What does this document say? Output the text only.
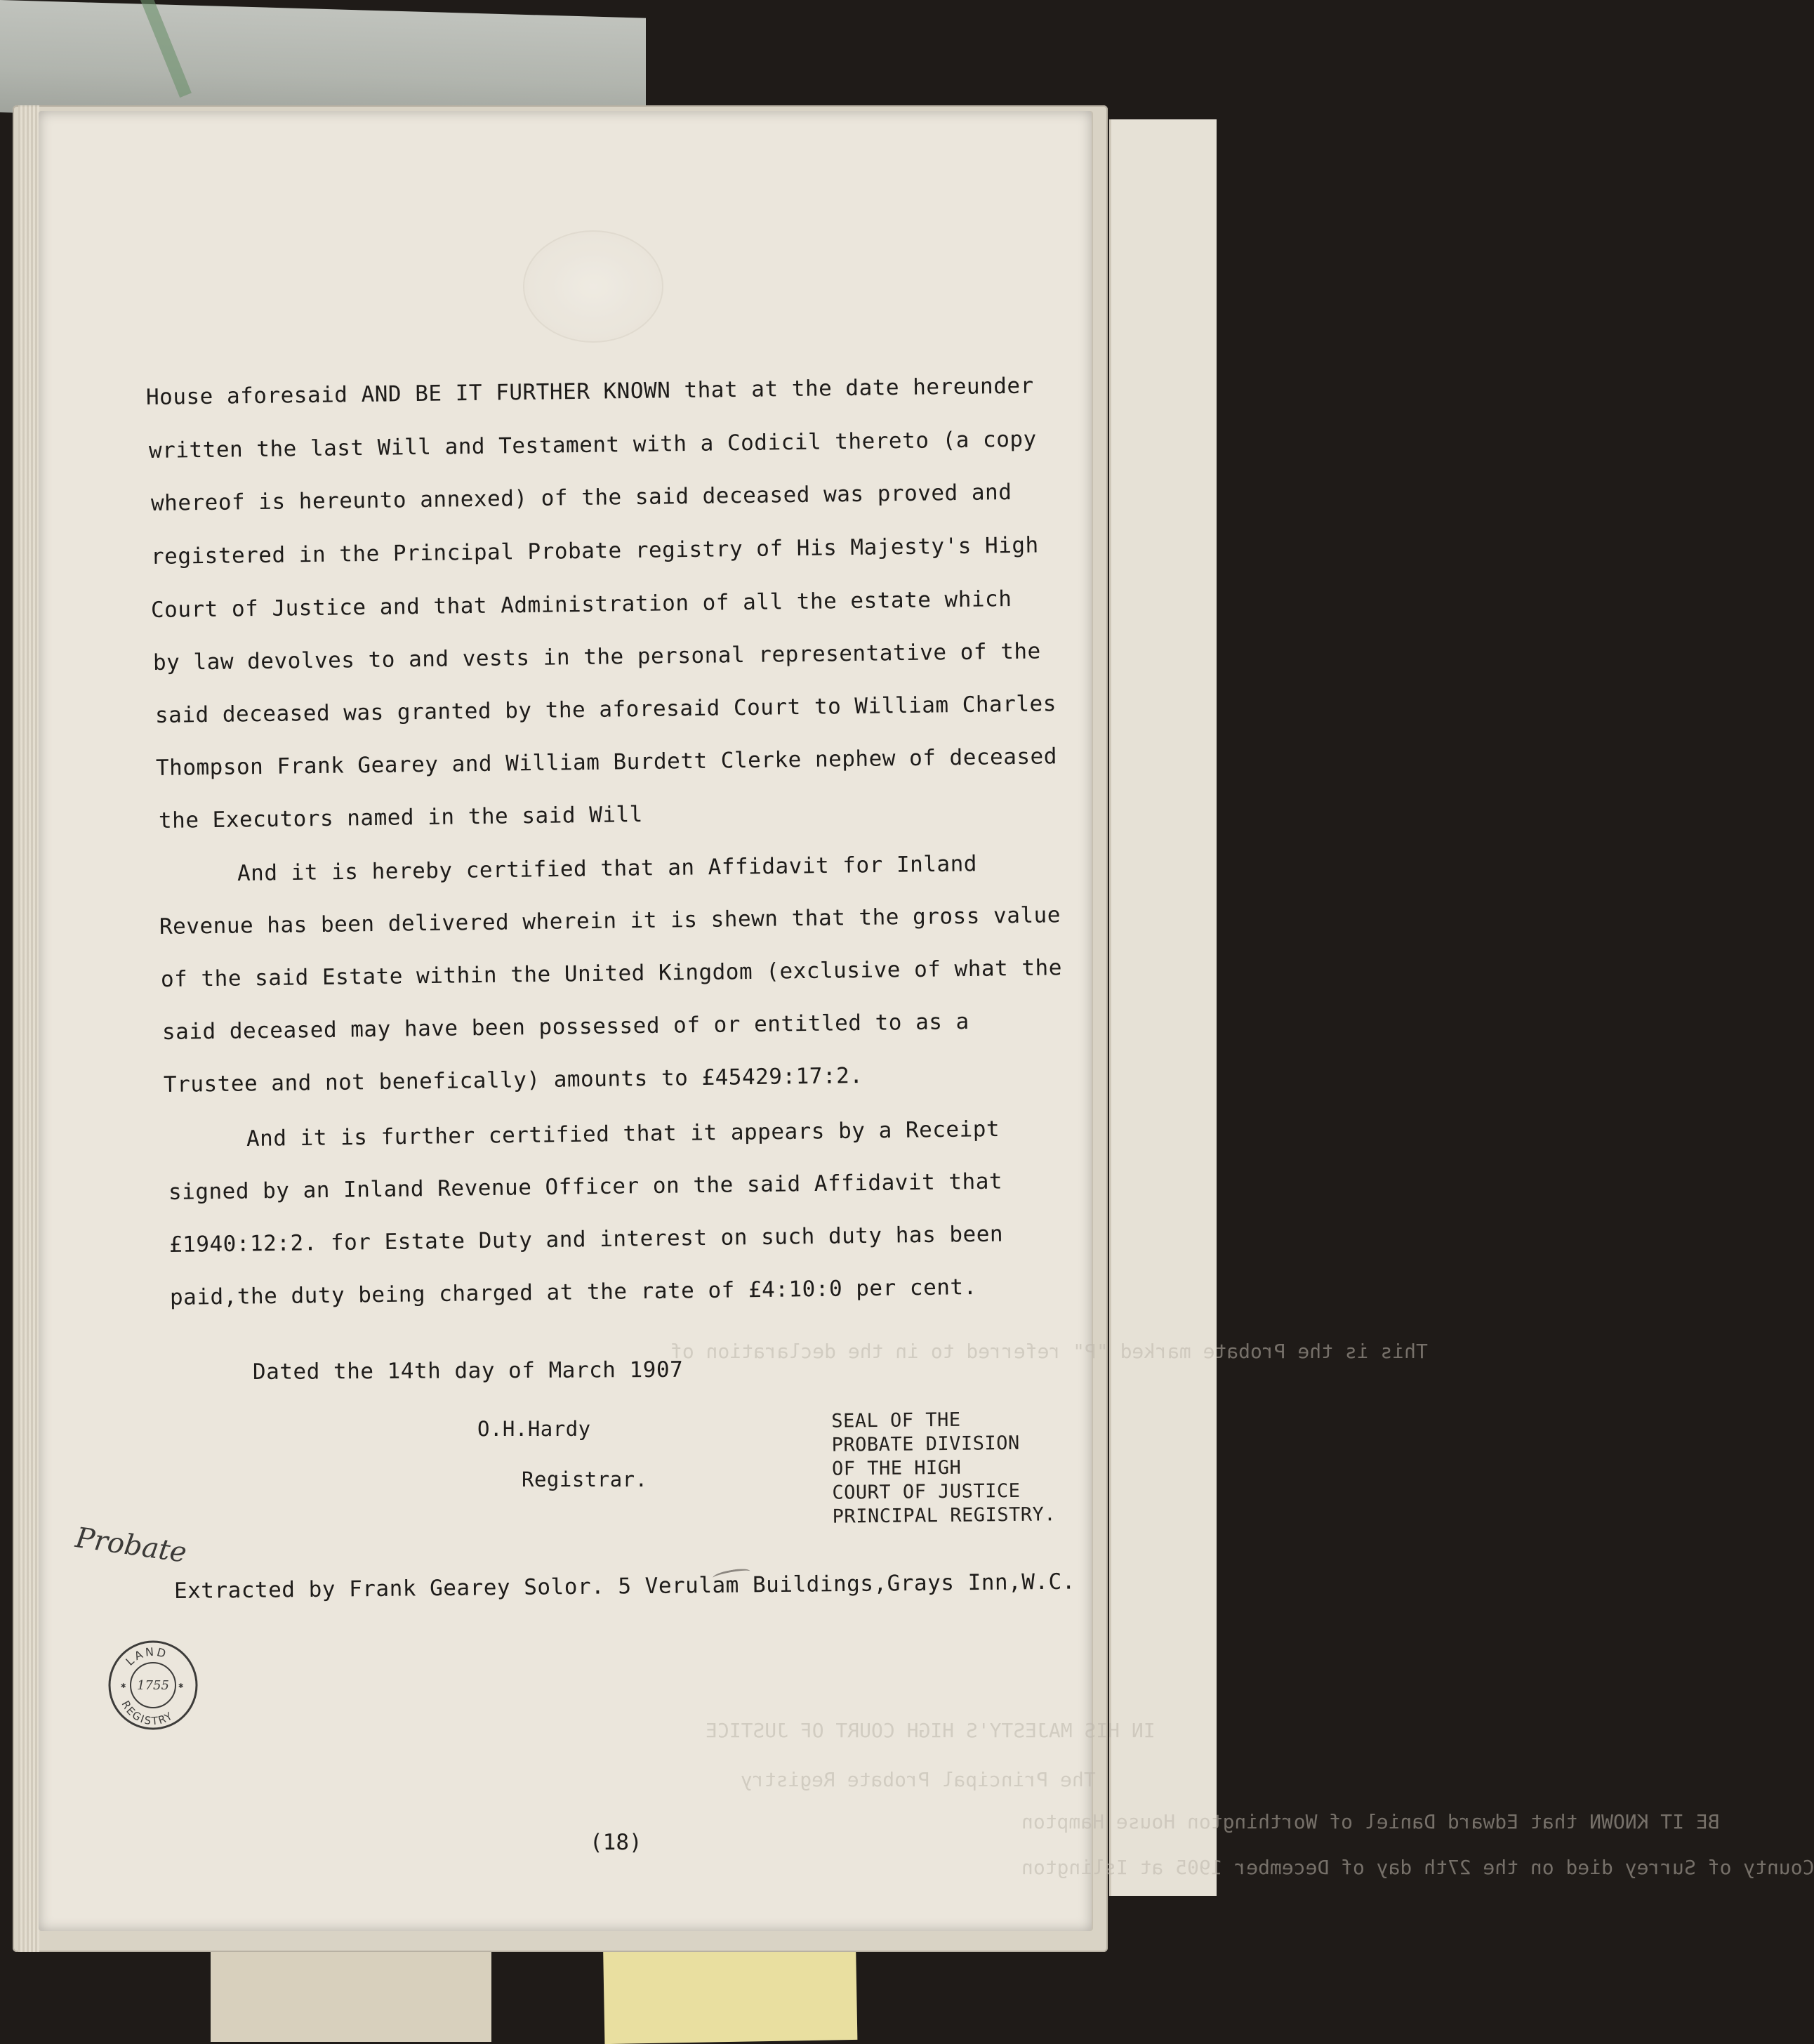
This is the Probate marked "P" referred to in the declaration of
IN HIS MAJESTY'S HIGH COURT OF JUSTICE
The Principal Probate Registry
BE IT KNOWN that Edward Daniel of Worthington House Hampton
County of Surrey died on the 27th day of December 1905 at Islington
House aforesaid AND BE IT FURTHER KNOWN that at the date hereunder
written the last Will and Testament with a Codicil thereto (a copy
whereof is hereunto annexed) of the said deceased was proved and
registered in the Principal Probate registry of His Majesty's High
Court of Justice and that Administration of all the estate which
by law devolves to and vests in the personal representative of the
said deceased was granted by the aforesaid Court to William Charles
Thompson Frank Gearey and William Burdett Clerke nephew of deceased
the Executors named in the said Will
And it is hereby certified that an Affidavit for Inland
Revenue has been delivered wherein it is shewn that the gross value
of the said Estate within the United Kingdom (exclusive of what the
said deceased may have been possessed of or entitled to as a
Trustee and not benefically) amounts to £45429:17:2.
And it is further certified that it appears by a Receipt
signed by an Inland Revenue Officer on the said Affidavit that
£1940:12:2. for Estate Duty and interest on such duty has been
paid,the duty being charged at the rate of £4:10:0 per cent.
Dated the 14th day of March 1907
O.H.Hardy
Registrar.
SEAL OF THE
PROBATE DIVISION
OF THE HIGH
COURT OF JUSTICE
PRINCIPAL REGISTRY.
Probate
Extracted by Frank Gearey Solor. 5 Verulam Buildings,Grays Inn,W.C.
LAND
REGISTRY
1755
✱	✱
(18)
